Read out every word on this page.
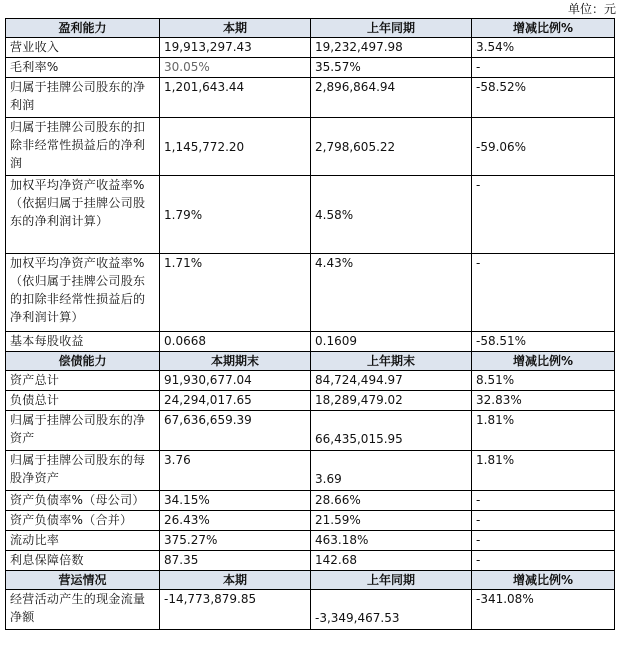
单位：元
盈利能力	本期	上年同期	增减比例%
营业收入	19,913,297.43	19,232,497.98	3.54%
毛利率%	30.05%	35.57%	-
归属于挂牌公司股东的净利润	1,201,643.44	2,896,864.94	-58.52%
归属于挂牌公司股东的扣除非经常性损益后的净利润	1,145,772.20	2,798,605.22	-59.06%
加权平均净资产收益率%（依据归属于挂牌公司股东的净利润计算）	1.79%	4.58%	-
加权平均净资产收益率%（依归属于挂牌公司股东的扣除非经常性损益后的净利润计算）	1.71%	4.43%	-
基本每股收益	0.0668	0.1609	-58.51%
偿债能力	本期期末	上年期末	增减比例%
资产总计	91,930,677.04	84,724,494.97	8.51%
负债总计	24,294,017.65	18,289,479.02	32.83%
归属于挂牌公司股东的净资产	67,636,659.39	66,435,015.95	1.81%
归属于挂牌公司股东的每股净资产	3.76	3.69	1.81%
资产负债率%（母公司）	34.15%	28.66%	-
资产负债率%（合并）	26.43%	21.59%	-
流动比率	375.27%	463.18%	-
利息保障倍数	87.35	142.68	-
营运情况	本期	上年同期	增减比例%
经营活动产生的现金流量净额	-14,773,879.85	-3,349,467.53	-341.08%
